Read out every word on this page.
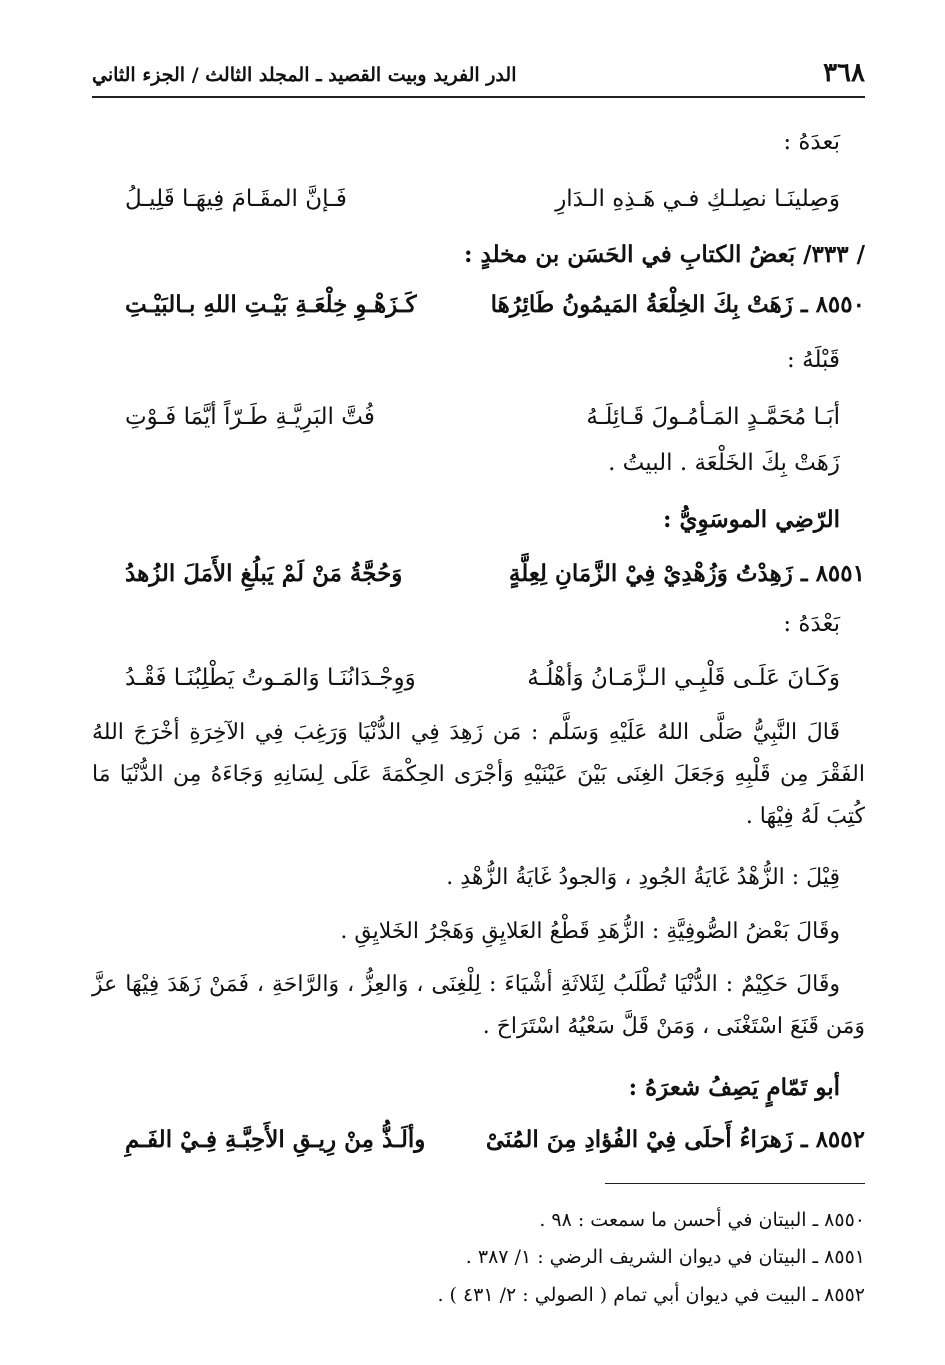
٣٦٨
الدر الفريد وبيت القصيد ـ المجلد الثالث / الجزء الثاني
بَعدَهُ :
وَصِلينَـا نصِلـكِ فـي هَـذِهِ الـدَارِ
فَـإنَّ المقَـامَ فِيهَـا قَلِيـلُ
/ ٣٣٣/ بَعضُ الكتابِ في الحَسَن بن مخلدٍ :
٨٥٥٠ ـ زَهَتْ بِكَ الخِلْعَةُ المَيمُونُ طَائِرُهَا
كَـزَهْـوِ خِلْعَـةِ بَيْـتِ اللهِ بـالبَيْـتِ
قَبْلَهُ :
أبَـا مُحَمَّـدٍ المَـأمُـولَ قَـائِلَـهُ
فُتَّ البَرِيَّـةِ طَـرّاً أيَّمَا فَـوْتِ
زَهَتْ بِكَ الخَلْعَة . البيتُ .
الرّضِي الموسَوِيُّ :
٨٥٥١ ـ زَهِدْتُ وَزُهْدِيْ فِيْ الزَّمَانِ لِعِلَّةٍ
وَحُجَّةُ مَنْ لَمْ يَبلُغِ الأَمَلَ الزُهدُ
بَعْدَهُ :
وَكَـانَ عَلَـى قَلْبِـي الـزَّمَـانُ وَأهْلُـهُ
وَوِجْـدَانُنَـا وَالمَـوتُ يَطْلِبُنَـا فَقْـدُ
قَالَ النَّبِيُّ صَلَّى اللهُ عَلَيْهِ وَسَلَّم : مَن زَهِدَ فِي الدُّنْيَا وَرَغِبَ فِي الآخِرَةِ أخْرَجَ اللهُ الفَقْرَ مِن قَلْبِهِ وَجَعَلَ الغِنَى بَيْنَ عَيْنَيْهِ وَأجْرَى الحِكْمَةَ عَلَى لِسَانِهِ وَجَاءَهُ مِن الدُّنْيَا مَا كُتِبَ لَهُ فِيْهَا .
قِيْلَ : الزُّهْدُ غَايَةُ الجُودِ ، وَالجودُ غَايَةُ الزُّهْدِ .
وقَالَ بَعْضُ الصُّوفِيَّةِ : الزُّهَدِ قَطْعُ العَلايِقِ وَهَجْرُ الخَلايِقِ .
وقَالَ حَكِيْمٌ : الدُّنْيَا تُطْلَبُ لِثَلاثَةِ أشْيَاءَ : لِلْغِنَى ، وَالعِزُّ ، وَالرَّاحَةِ ، فَمَنْ زَهَدَ فِيْهَا عزَّ وَمَن قَنَعَ اسْتَغْنَى ، وَمَنْ قَلَّ سَعْيُهُ اسْتَرَاحَ .
أبو تَمّامٍ يَصِفُ شعرَهُ :
٨٥٥٢ ـ زَهرَاءُ أَحلَى فِيْ الفُؤادِ مِنَ المُنَىْ
وألَـذُّ مِنْ رِيـقِ الأَحِبَّـةِ فِـيْ الفَـمِ
٨٥٥٠ ـ البيتان في أحسن ما سمعت : ٩٨ .
٨٥٥١ ـ البيتان في ديوان الشريف الرضي : ١/ ٣٨٧ .
٨٥٥٢ ـ البيت في ديوان أبي تمام ( الصولي : ٢/ ٤٣١ ) .
